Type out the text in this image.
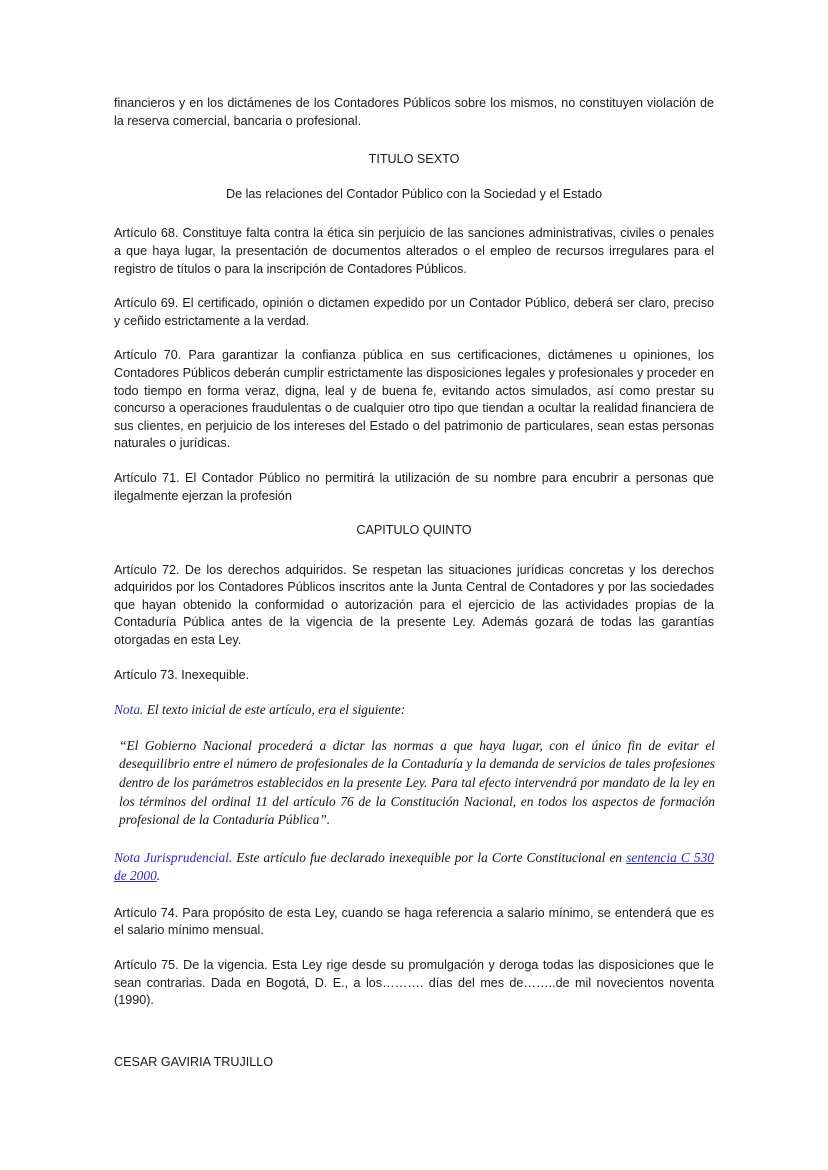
financieros y en los dictámenes de los Contadores Públicos sobre los mismos, no constituyen violación de la reserva comercial, bancaria o profesional.

TITULO SEXTO

De las relaciones del Contador Público con la Sociedad y el Estado

Artículo 68. Constituye falta contra la ética sin perjuicio de las sanciones administrativas, civiles o penales a que haya lugar, la presentación de documentos alterados o el empleo de recursos irregulares para el registro de títulos o para la inscripción de Contadores Públicos.

Artículo 69. El certificado, opinión o dictamen expedido por un Contador Público, deberá ser claro, preciso y ceñido estrictamente a la verdad.

Artículo 70. Para garantizar la confianza pública en sus certificaciones, dictámenes u opiniones, los Contadores Públicos deberán cumplir estrictamente las disposiciones legales y profesionales y proceder en todo tiempo en forma veraz, digna, leal y de buena fe, evitando actos simulados, así como prestar su concurso a operaciones fraudulentas o de cualquier otro tipo que tiendan a ocultar la realidad financiera de sus clientes, en perjuicio de los intereses del Estado o del patrimonio de particulares, sean estas personas naturales o jurídicas.

Artículo 71. El Contador Público no permitirá la utilización de su nombre para encubrir a personas que ilegalmente ejerzan la profesión

CAPITULO QUINTO

Artículo 72. De los derechos adquiridos. Se respetan las situaciones jurídicas concretas y los derechos adquiridos por los Contadores Públicos inscritos ante la Junta Central de Contadores y por las sociedades que hayan obtenido la conformidad o autorización para el ejercicio de las actividades propias de la Contaduría Pública antes de la vigencia de la presente Ley. Además gozará de todas las garantías otorgadas en esta Ley.

Artículo 73. Inexequible.

Nota. El texto inicial de este artículo, era el siguiente:

“El Gobierno Nacional procederá a dictar las normas a que haya lugar, con el único fin de evitar el desequilibrio entre el número de profesionales de la Contaduría y la demanda de servicios de tales profesiones dentro de los parámetros establecidos en la presente Ley. Para tal efecto intervendrá por mandato de la ley en los términos del ordinal 11 del artículo 76 de la Constitución Nacional, en todos los aspectos de formación profesional de la Contaduría Pública”.

Nota Jurisprudencial. Este artículo fue declarado inexequible por la Corte Constitucional en sentencia C 530 de 2000.

Artículo 74. Para propósito de esta Ley, cuando se haga referencia a salario mínimo, se entenderá que es el salario mínimo mensual.

Artículo 75. De la vigencia. Esta Ley rige desde su promulgación y deroga todas las disposiciones que le sean contrarias. Dada en Bogotá, D. E., a los………. días del mes de……..de mil novecientos noventa (1990).

CESAR GAVIRIA TRUJILLO
